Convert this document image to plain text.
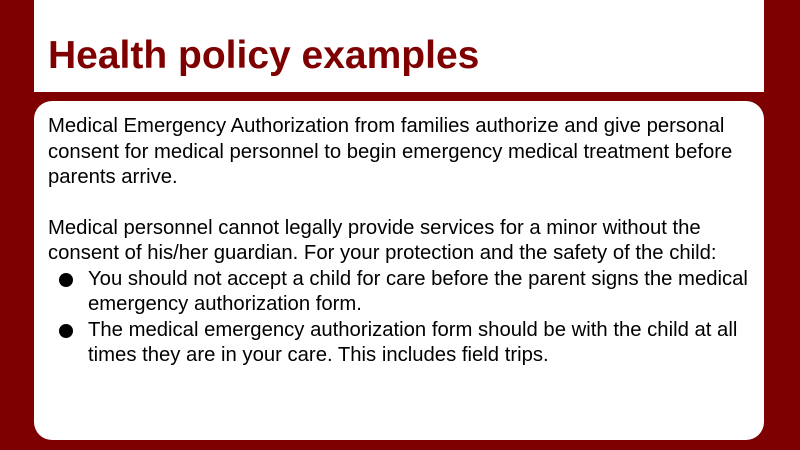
Health policy examples

Medical Emergency Authorization from families authorize and give personal consent for medical personnel to begin emergency medical treatment before parents arrive.

Medical personnel cannot legally provide services for a minor without the consent of his/her guardian. For your protection and the safety of the child:

You should not accept a child for care before the parent signs the medical emergency authorization form.
The medical emergency authorization form should be with the child at all times they are in your care. This includes field trips.
